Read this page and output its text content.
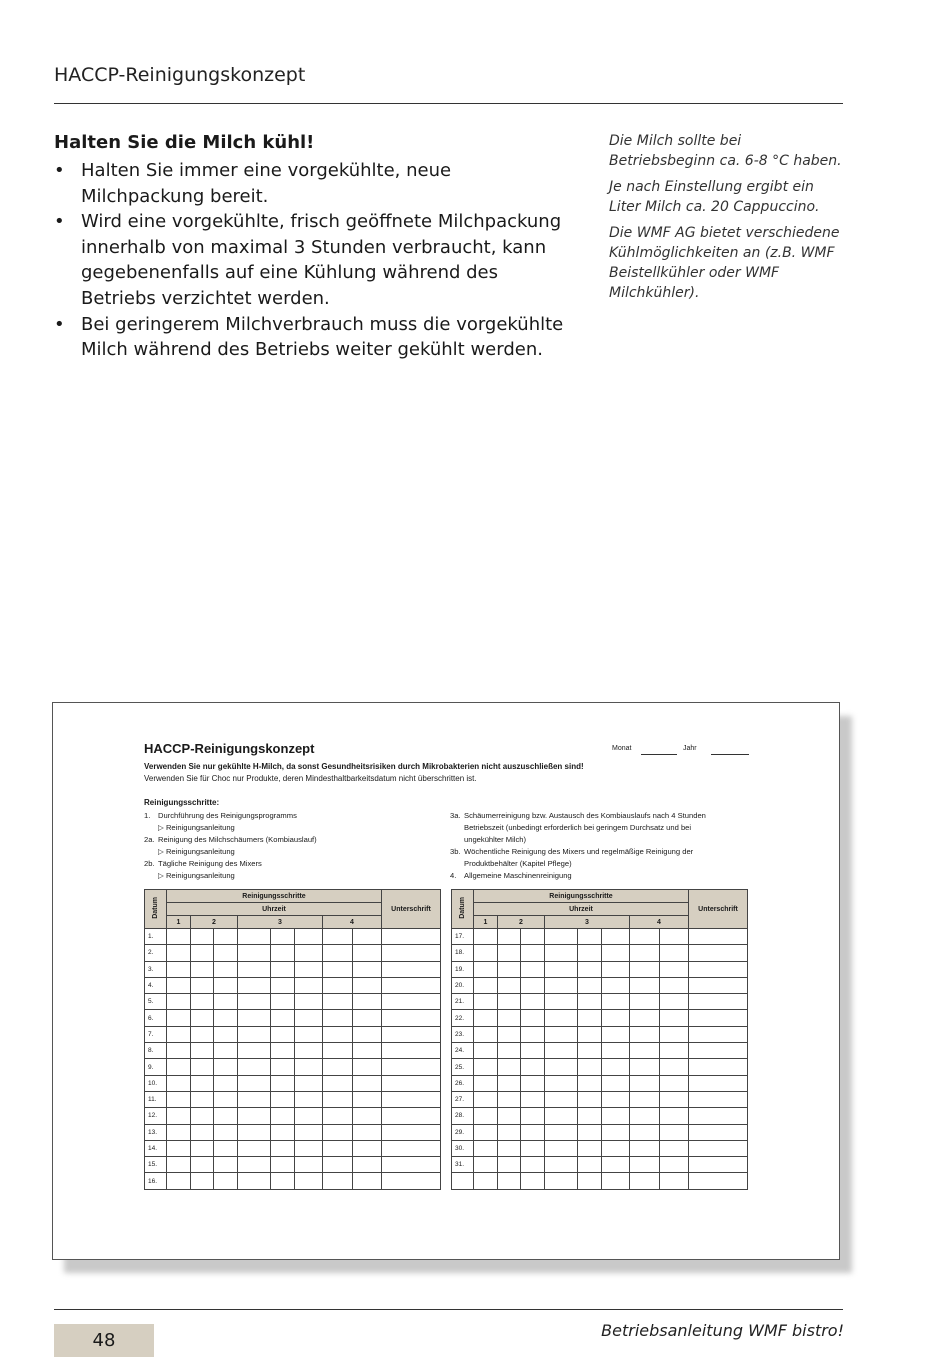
HACCP-Reinigungskonzept

Halten Sie die Milch kühl!

• Halten Sie immer eine vorgekühlte, neue Milchpackung bereit.
• Wird eine vorgekühlte, frisch geöffnete Milchpackung innerhalb von maximal 3 Stunden verbraucht, kann gegebenenfalls auf eine Kühlung während des Betriebs verzichtet werden.
• Bei geringerem Milchverbrauch muss die vorgekühlte Milch während des Betriebs weiter gekühlt werden.

Die Milch sollte bei Betriebsbeginn ca. 6-8 °C haben.

Je nach Einstellung ergibt ein Liter Milch ca. 20 Cappuccino.

Die WMF AG bietet verschiedene Kühlmöglichkeiten an (z.B. WMF Beistellkühler oder WMF Milchkühler).

HACCP-Reinigungskonzept	Monat	Jahr
Verwenden Sie nur gekühlte H-Milch, da sonst Gesundheitsrisiken durch Mikrobakterien nicht auszuschließen sind!
Verwenden Sie für Choc nur Produkte, deren Mindesthaltbarkeitsdatum nicht überschritten ist.
Reinigungsschritte:
1.	Durchführung des Reinigungsprogramms
▷ Reinigungsanleitung
2a. Reinigung des Milchschäumers (Kombiauslauf)
▷ Reinigungsanleitung
2b. Tägliche Reinigung des Mixers
▷ Reinigungsanleitung
3a. Schäumerreinigung bzw. Austausch des Kombiauslaufs nach 4 Stunden
Betriebszeit (unbedingt erforderlich bei geringem Durchsatz und bei
ungekühlter Milch)
3b. Wöchentliche Reinigung des Mixers und regelmäßige Reinigung der
Produktbehälter (Kapitel Pflege)
4.	Allgemeine Maschinenreinigung
Datum	Reinigungsschritte								Unterschrift
	Uhrzeit								
	1	2		3			4		
1.									
2.									
3.									
4.									
5.									
6.									
7.									
8.									
9.									
10.									
11.									
12.									
13.									
14.									
15.									
16.									
Datum	Reinigungsschritte								Unterschrift
	Uhrzeit								
	1	2		3			4		
17.									
18.									
19.									
20.									
21.									
22.									
23.									
24.									
25.									
26.									
27.									
28.									
29.									
30.									
31.									

48	Betriebsanleitung WMF bistro!
